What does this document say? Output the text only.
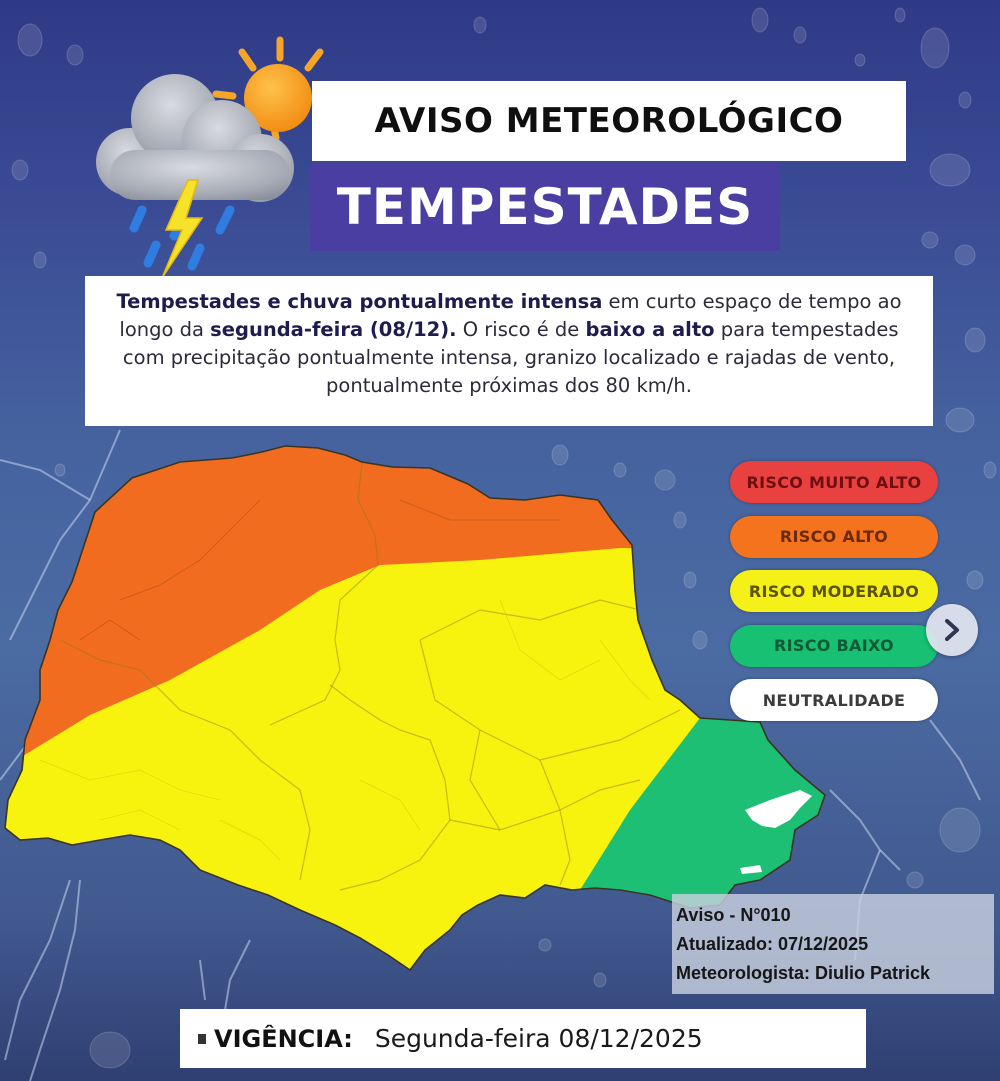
AVISO METEOROLÓGICO
TEMPESTADES
Tempestades e chuva pontualmente intensa em curto espaço de tempo ao longo da segunda-feira (08/12). O risco é de baixo a alto para tempestades com precipitação pontualmente intensa, granizo localizado e rajadas de vento, pontualmente próximas dos 80 km/h.
RISCO MUITO ALTO
RISCO ALTO
RISCO MODERADO
RISCO BAIXO
NEUTRALIDADE
Aviso - N°010
Atualizado: 07/12/2025
Meteorologista: Diulio Patrick
VIGÊNCIA: Segunda-feira 08/12/2025
